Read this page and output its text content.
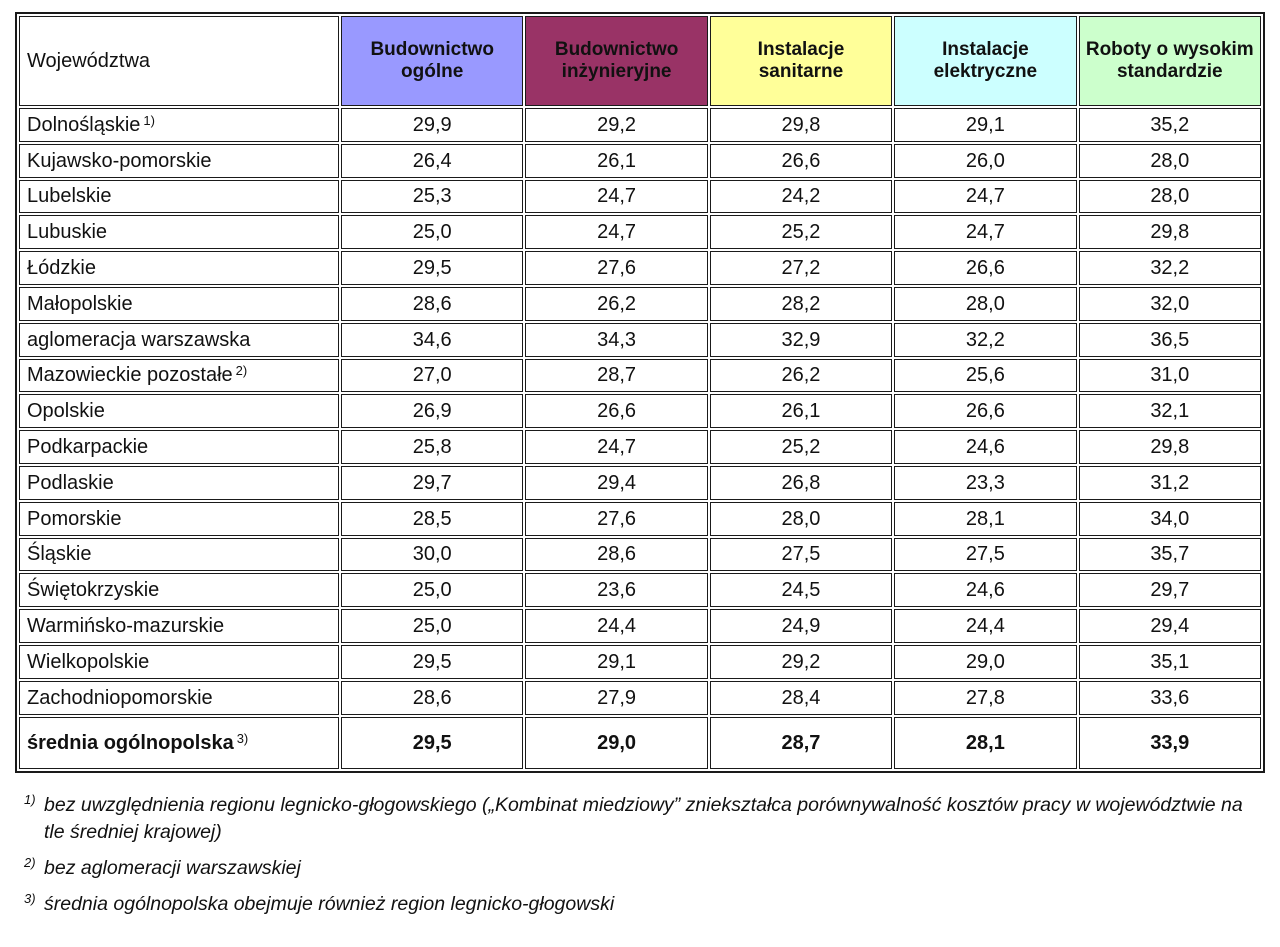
Województwa	Budownictwo ogólne	Budownictwo inżynieryjne	Instalacje sanitarne	Instalacje elektryczne	Roboty o wysokim standardzie
Dolnośląskie $^{1)}$	29,9	29,2	29,8	29,1	35,2
Kujawsko-pomorskie	26,4	26,1	26,6	26,0	28,0
Lubelskie	25,3	24,7	24,2	24,7	28,0
Lubuskie	25,0	24,7	25,2	24,7	29,8
Łódzkie	29,5	27,6	27,2	26,6	32,2
Małopolskie	28,6	26,2	28,2	28,0	32,0
aglomeracja warszawska	34,6	34,3	32,9	32,2	36,5
Mazowieckie pozostałe $^{2)}$	27,0	28,7	26,2	25,6	31,0
Opolskie	26,9	26,6	26,1	26,6	32,1
Podkarpackie	25,8	24,7	25,2	24,6	29,8
Podlaskie	29,7	29,4	26,8	23,3	31,2
Pomorskie	28,5	27,6	28,0	28,1	34,0
Śląskie	30,0	28,6	27,5	27,5	35,7
Świętokrzyskie	25,0	23,6	24,5	24,6	29,7
Warmińsko-mazurskie	25,0	24,4	24,9	24,4	29,4
Wielkopolskie	29,5	29,1	29,2	29,0	35,1
Zachodniopomorskie	28,6	27,9	28,4	27,8	33,6
średnia ogólnopolska $^{3)}$	29,5	29,0	28,7	28,1	33,9
1) bez uwzględnienia regionu legnicko-głogowskiego („Kombinat miedziowy” zniekształca porównywalność kosztów pracy w województwie na tle średniej krajowej)
2) bez aglomeracji warszawskiej
3) średnia ogólnopolska obejmuje również region legnicko-głogowski
